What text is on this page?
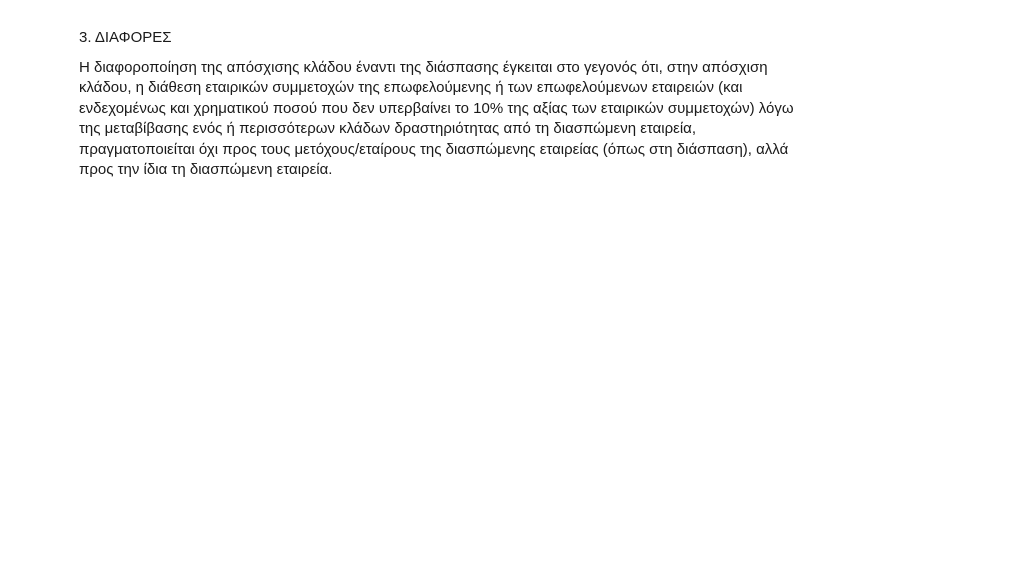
3. ΔΙΑΦΟΡΕΣ
Η διαφοροποίηση της απόσχισης κλάδου έναντι της διάσπασης έγκειται στο γεγονός ότι, στην απόσχιση
κλάδου, η διάθεση εταιρικών συμμετοχών της επωφελούμενης ή των επωφελούμενων εταιρειών (και
ενδεχομένως και χρηματικού ποσού που δεν υπερβαίνει το 10% της αξίας των εταιρικών συμμετοχών) λόγω
της μεταβίβασης ενός ή περισσότερων κλάδων δραστηριότητας από τη διασπώμενη εταιρεία,
πραγματοποιείται όχι προς τους μετόχους/εταίρους της διασπώμενης εταιρείας (όπως στη διάσπαση), αλλά
προς την ίδια τη διασπώμενη εταιρεία.
